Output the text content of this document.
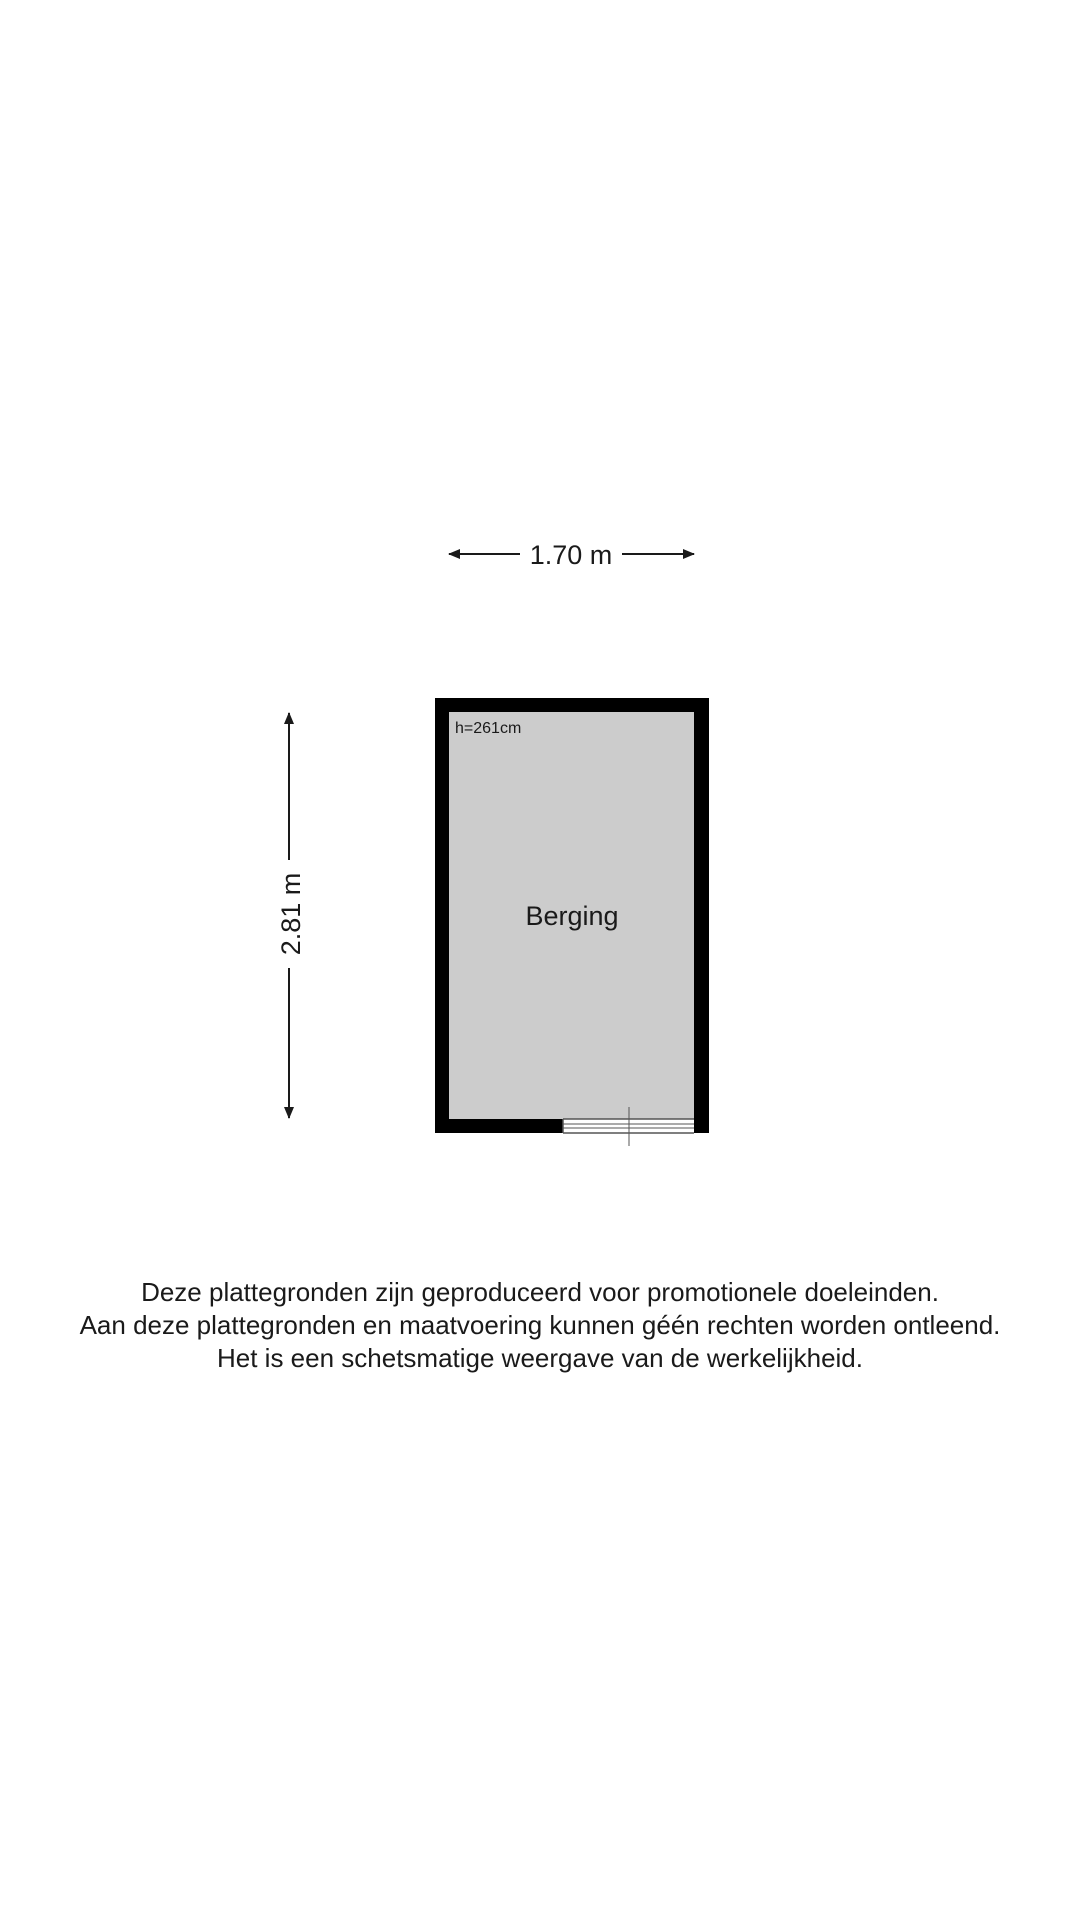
1.70 m
2.81 m
h=261cm
Berging
Deze plattegronden zijn geproduceerd voor promotionele doeleinden.
Aan deze plattegronden en maatvoering kunnen géén rechten worden ontleend.
Het is een schetsmatige weergave van de werkelijkheid.
